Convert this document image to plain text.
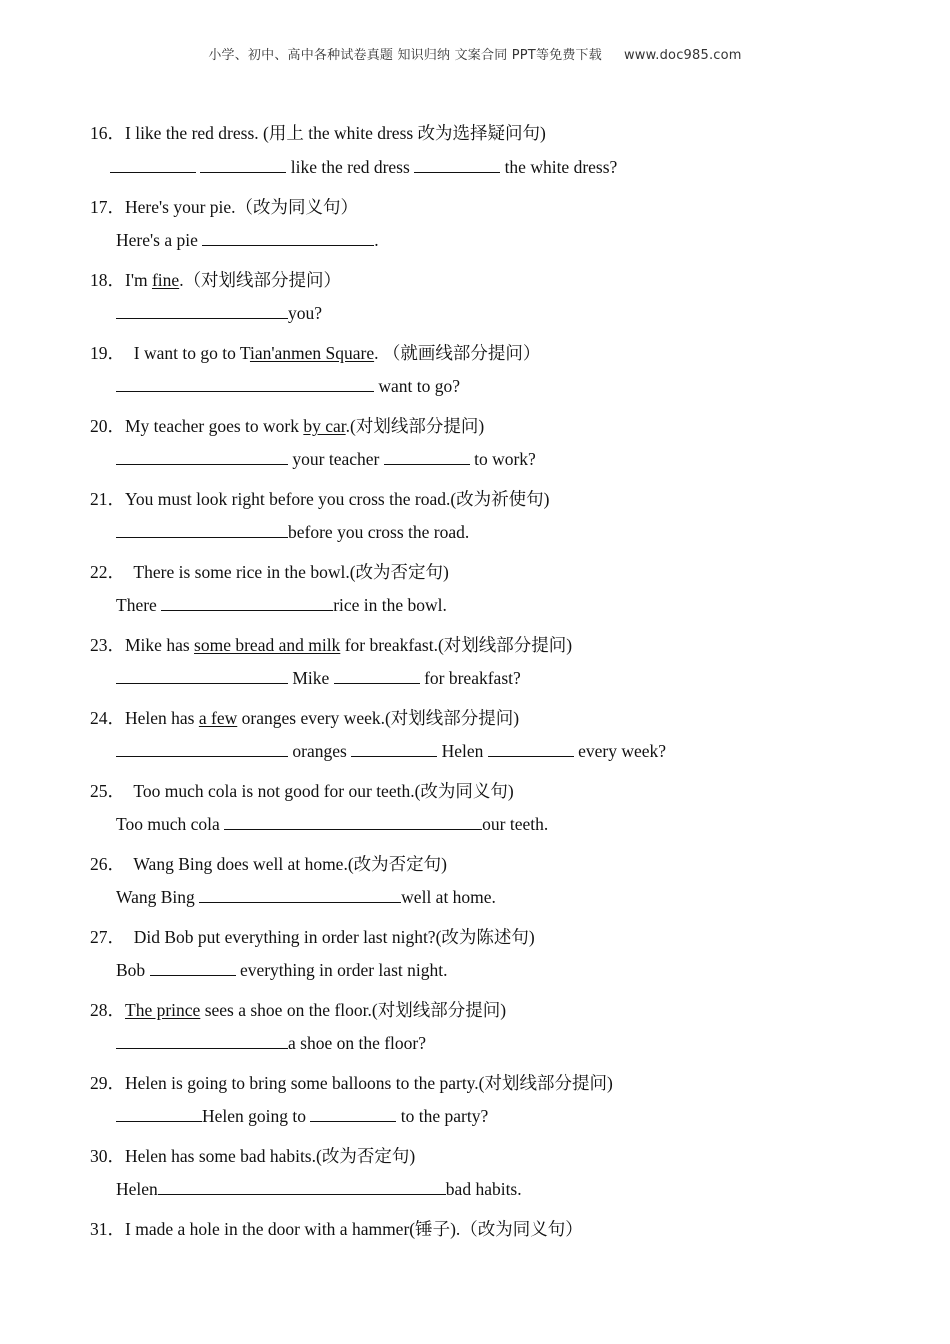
小学、初中、高中各种试卷真题 知识归纳 文案合同 PPT等免费下载 www.doc985.com
16．I like the red dress. (用上 the white dress 改为选择疑问句)
like the red dress	the white dress?
17．Here's your pie.（改为同义句）
Here's a pie	.
18．I'm fine.（对划线部分提问）
you?
19．  I want to go to Tian'anmen Square. （就画线部分提问）
want to go?
20．My teacher goes to work by car.(对划线部分提问)
your teacher	to work?
21．You must look right before you cross the road.(改为祈使句)
before you cross the road.
22．  There is some rice in the bowl.(改为否定句)
There	rice in the bowl.
23．Mike has some bread and milk for breakfast.(对划线部分提问)
Mike	for breakfast?
24．Helen has a few oranges every week.(对划线部分提问)
oranges	Helen	every week?
25．  Too much cola is not good for our teeth.(改为同义句)
Too much cola	our teeth.
26．  Wang Bing does well at home.(改为否定句)
Wang Bing	well at home.
27．  Did Bob put everything in order last night?(改为陈述句)
Bob	everything in order last night.
28．The prince sees a shoe on the floor.(对划线部分提问)
a shoe on the floor?
29．Helen is going to bring some balloons to the party.(对划线部分提问)
Helen going to	to the party?
30．Helen has some bad habits.(改为否定句)
Helen	bad habits.
31．I made a hole in the door with a hammer(锤子).（改为同义句）
